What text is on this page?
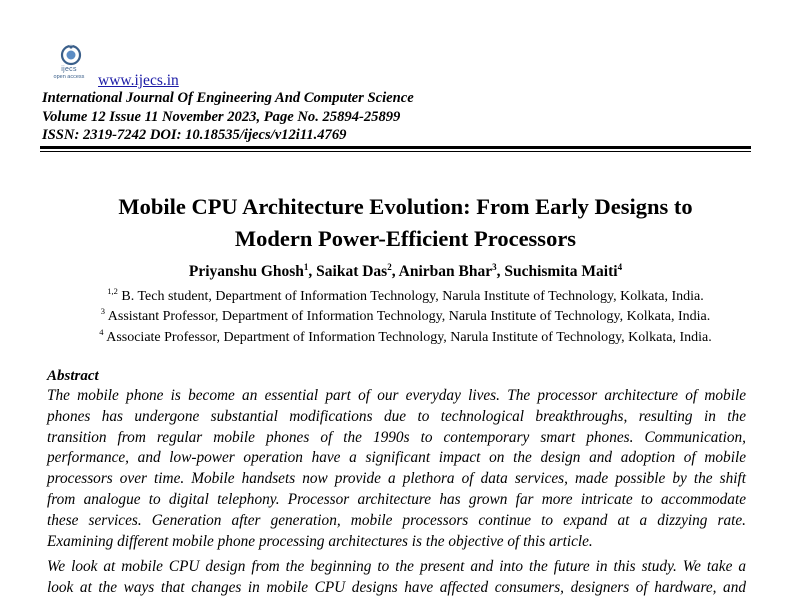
ijecs
open access www.ijecs.in
International Journal Of Engineering And Computer Science
Volume 12 Issue 11 November 2023, Page No. 25894-25899
ISSN: 2319-7242 DOI: 10.18535/ijecs/v12i11.4769
Mobile CPU Architecture Evolution: From Early Designs to
Modern Power-Efficient Processors
Priyanshu Ghosh$^1$, Saikat Das$^2$, Anirban Bhar$^3$, Suchismita Maiti$^4$
$^{1,2}$ B. Tech student, Department of Information Technology, Narula Institute of Technology, Kolkata, India.
$^3$ Assistant Professor, Department of Information Technology, Narula Institute of Technology, Kolkata, India.
$^4$ Associate Professor, Department of Information Technology, Narula Institute of Technology, Kolkata, India.
Abstract
The mobile phone is become an essential part of our everyday lives. The processor architecture of mobile
phones has undergone substantial modifications due to technological breakthroughs, resulting in the
transition from regular mobile phones of the 1990s to contemporary smart phones. Communication,
performance, and low-power operation have a significant impact on the design and adoption of mobile
processors over time. Mobile handsets now provide a plethora of data services, made possible by the shift
from analogue to digital telephony. Processor architecture has grown far more intricate to accommodate
these services. Generation after generation, mobile processors continue to expand at a dizzying rate.
Examining different mobile phone processing architectures is the objective of this article.
We look at mobile CPU design from the beginning to the present and into the future in this study. We take a
look at the ways that changes in mobile CPU designs have affected consumers, designers of hardware, and
